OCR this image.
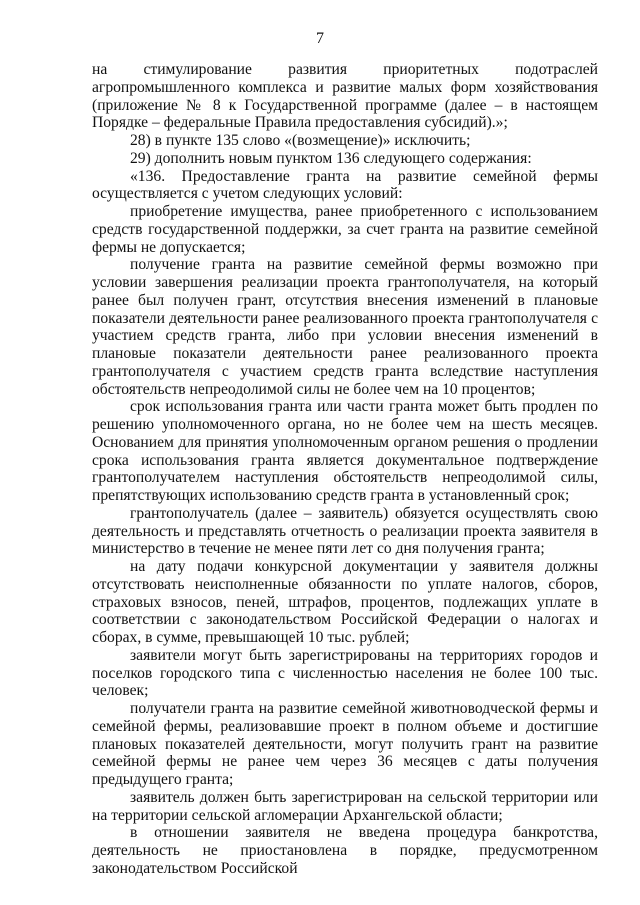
7

на стимулирование развития приоритетных подотраслей агропромышленного комплекса и развитие малых форм хозяйствования (приложение № 8 к Государственной программе (далее – в настоящем Порядке – федеральные Правила предоставления субсидий).»;

28) в пункте 135 слово «(возмещение)» исключить;

29) дополнить новым пунктом 136 следующего содержания:

«136. Предоставление гранта на развитие семейной фермы осуществляется с учетом следующих условий:

приобретение имущества, ранее приобретенного с использованием средств государственной поддержки, за счет гранта на развитие семейной фермы не допускается;

получение гранта на развитие семейной фермы возможно при условии завершения реализации проекта грантополучателя, на который ранее был получен грант, отсутствия внесения изменений в плановые показатели деятельности ранее реализованного проекта грантополучателя с участием средств гранта, либо при условии внесения изменений в плановые показатели деятельности ранее реализованного проекта грантополучателя с участием средств гранта вследствие наступления обстоятельств непреодолимой силы не более чем на 10 процентов;

срок использования гранта или части гранта может быть продлен по решению уполномоченного органа, но не более чем на шесть месяцев. Основанием для принятия уполномоченным органом решения о продлении срока использования гранта является документальное подтверждение грантополучателем наступления обстоятельств непреодолимой силы, препятствующих использованию средств гранта в установленный срок;

грантополучатель (далее – заявитель) обязуется осуществлять свою деятельность и представлять отчетность о реализации проекта заявителя в министерство в течение не менее пяти лет со дня получения гранта;

на дату подачи конкурсной документации у заявителя должны отсутствовать неисполненные обязанности по уплате налогов, сборов, страховых взносов, пеней, штрафов, процентов, подлежащих уплате в соответствии с законодательством Российской Федерации о налогах и сборах, в сумме, превышающей 10 тыс. рублей;

заявители могут быть зарегистрированы на территориях городов и поселков городского типа с численностью населения не более 100 тыс. человек;

получатели гранта на развитие семейной животноводческой фермы и семейной фермы, реализовавшие проект в полном объеме и достигшие плановых показателей деятельности, могут получить грант на развитие семейной фермы не ранее чем через 36 месяцев с даты получения предыдущего гранта;

заявитель должен быть зарегистрирован на сельской территории или на территории сельской агломерации Архангельской области;

в отношении заявителя не введена процедура банкротства, деятельность не приостановлена в порядке, предусмотренном законодательством Российской
